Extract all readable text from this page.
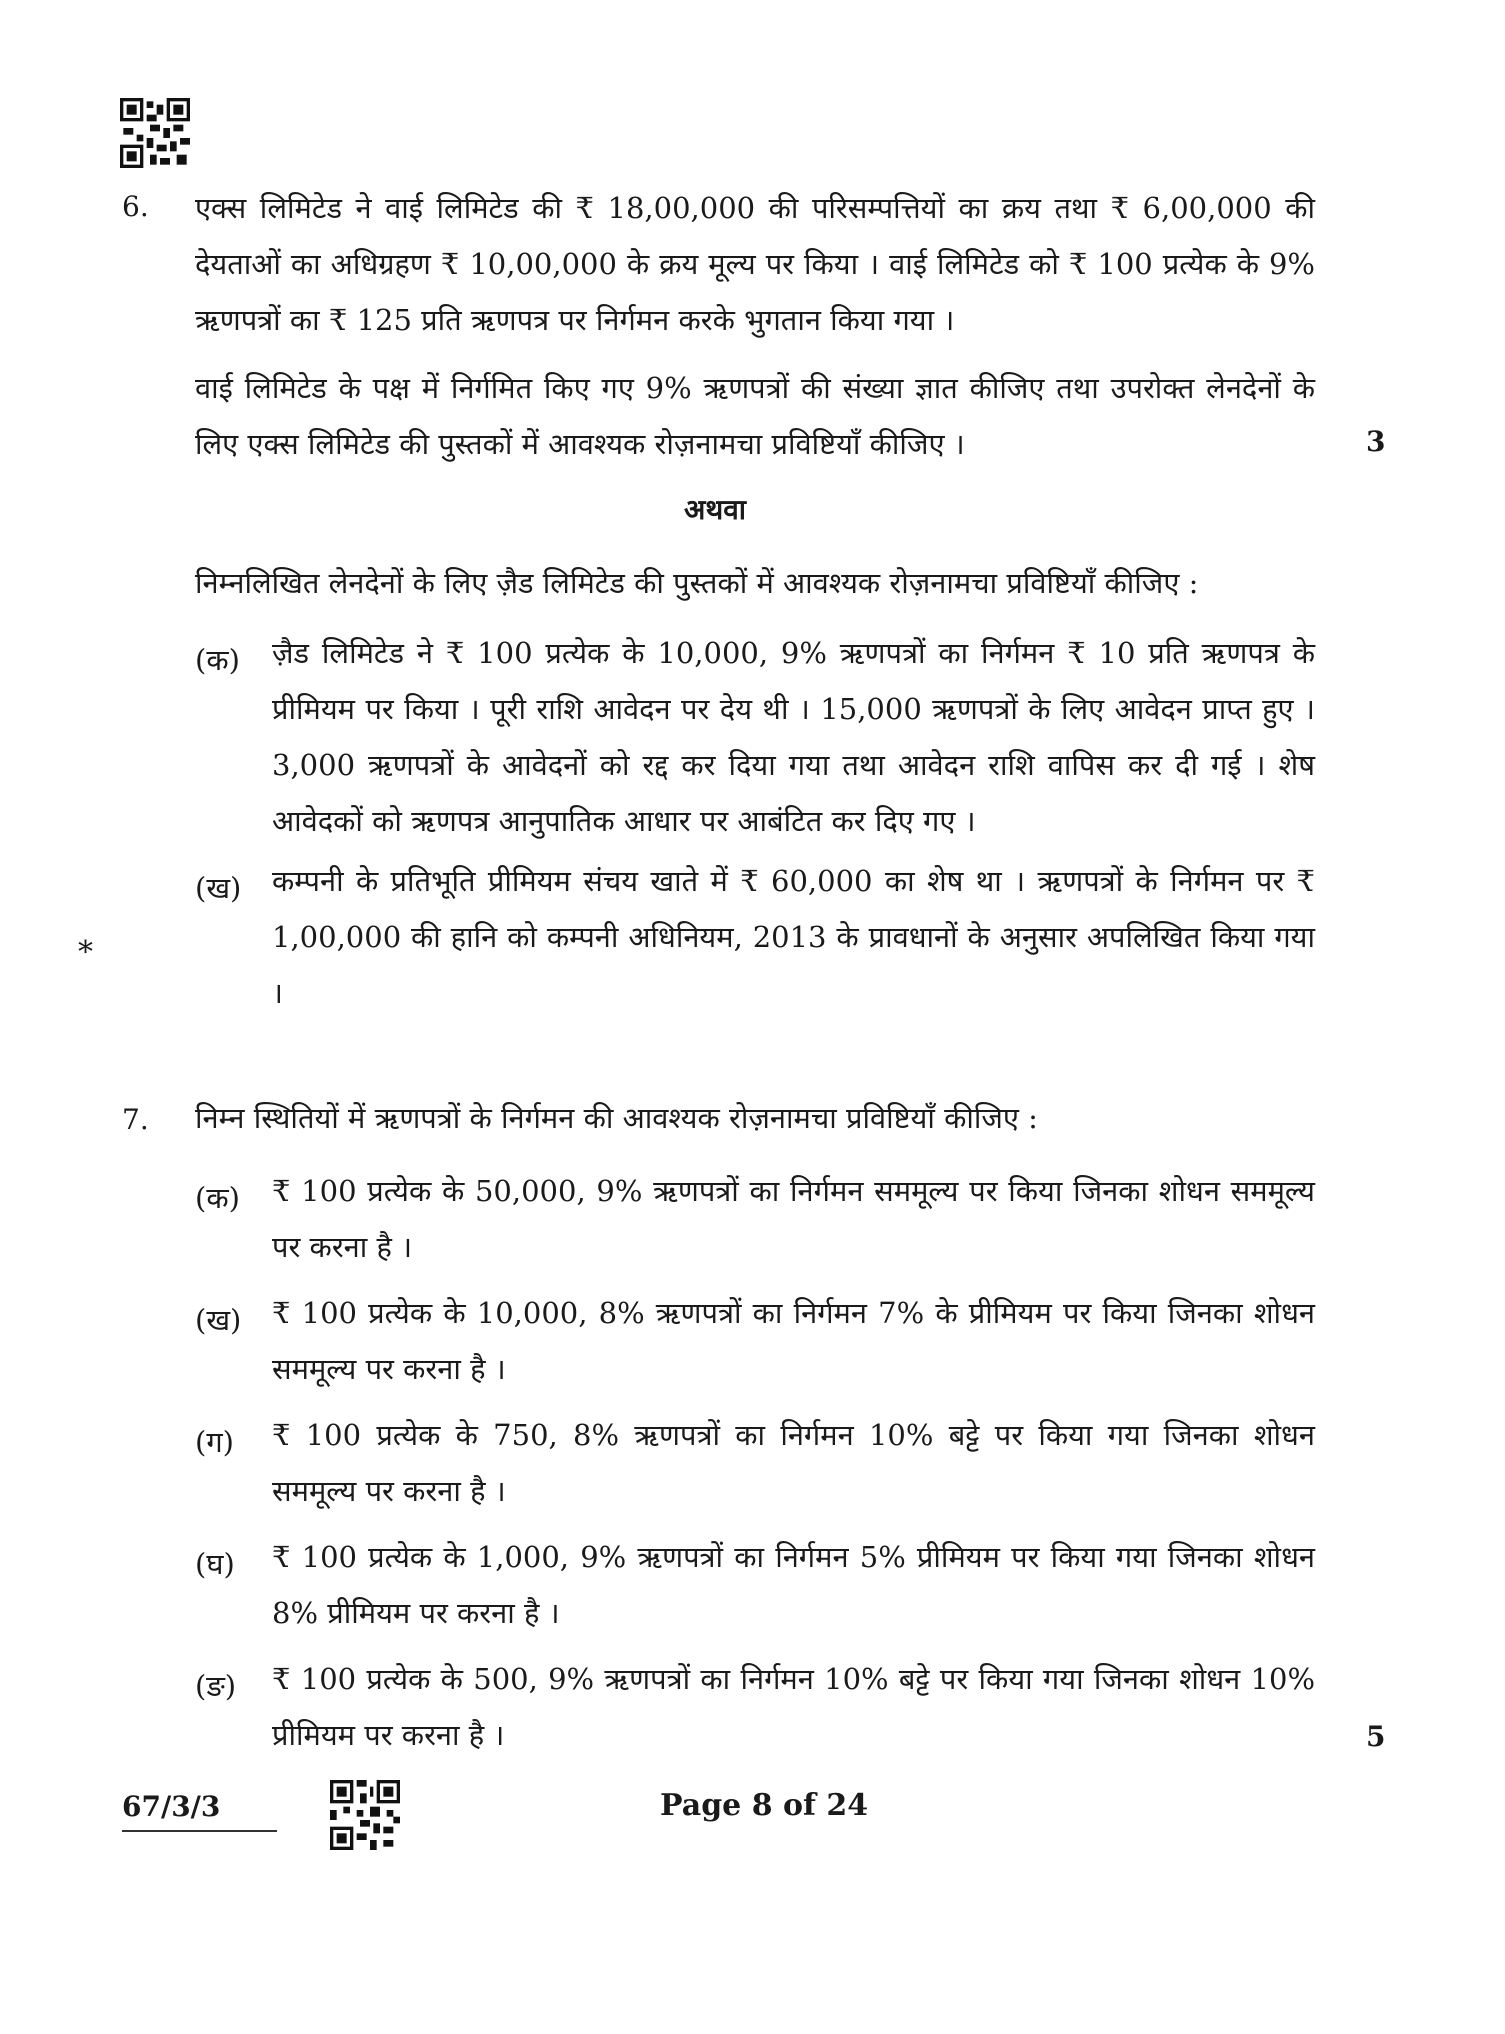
6. एक्स लिमिटेड ने वाई लिमिटेड की ₹ 18,00,000 की परिसम्पत्तियों का क्रय तथा ₹ 6,00,000 की देयताओं का अधिग्रहण ₹ 10,00,000 के क्रय मूल्य पर किया । वाई लिमिटेड को ₹ 100 प्रत्येक के 9% ऋणपत्रों का ₹ 125 प्रति ऋणपत्र पर निर्गमन करके भुगतान किया गया ।
वाई लिमिटेड के पक्ष में निर्गमित किए गए 9% ऋणपत्रों की संख्या ज्ञात कीजिए तथा उपरोक्त लेनदेनों के लिए एक्स लिमिटेड की पुस्तकों में आवश्यक रोज़नामचा प्रविष्टियाँ कीजिए ।	3
अथवा
निम्नलिखित लेनदेनों के लिए ज़ैड लिमिटेड की पुस्तकों में आवश्यक रोज़नामचा प्रविष्टियाँ कीजिए :
(क) ज़ैड लिमिटेड ने ₹ 100 प्रत्येक के 10,000, 9% ऋणपत्रों का निर्गमन ₹ 10 प्रति ऋणपत्र के प्रीमियम पर किया । पूरी राशि आवेदन पर देय थी । 15,000 ऋणपत्रों के लिए आवेदन प्राप्त हुए । 3,000 ऋणपत्रों के आवेदनों को रद्द कर दिया गया तथा आवेदन राशि वापिस कर दी गई । शेष आवेदकों को ऋणपत्र आनुपातिक आधार पर आबंटित कर दिए गए ।
(ख) कम्पनी के प्रतिभूति प्रीमियम संचय खाते में ₹ 60,000 का शेष था । ऋणपत्रों के निर्गमन पर ₹ 1,00,000 की हानि को कम्पनी अधिनियम, 2013 के प्रावधानों के अनुसार अपलिखित किया गया ।
*
7. निम्न स्थितियों में ऋणपत्रों के निर्गमन की आवश्यक रोज़नामचा प्रविष्टियाँ कीजिए :
(क) ₹ 100 प्रत्येक के 50,000, 9% ऋणपत्रों का निर्गमन सममूल्य पर किया जिनका शोधन सममूल्य पर करना है ।
(ख) ₹ 100 प्रत्येक के 10,000, 8% ऋणपत्रों का निर्गमन 7% के प्रीमियम पर किया जिनका शोधन सममूल्य पर करना है ।
(ग) ₹ 100 प्रत्येक के 750, 8% ऋणपत्रों का निर्गमन 10% बट्टे पर किया गया जिनका शोधन सममूल्य पर करना है ।
(घ) ₹ 100 प्रत्येक के 1,000, 9% ऋणपत्रों का निर्गमन 5% प्रीमियम पर किया गया जिनका शोधन 8% प्रीमियम पर करना है ।
(ङ) ₹ 100 प्रत्येक के 500, 9% ऋणपत्रों का निर्गमन 10% बट्टे पर किया गया जिनका शोधन 10% प्रीमियम पर करना है ।	5
67/3/3	Page 8 of 24
